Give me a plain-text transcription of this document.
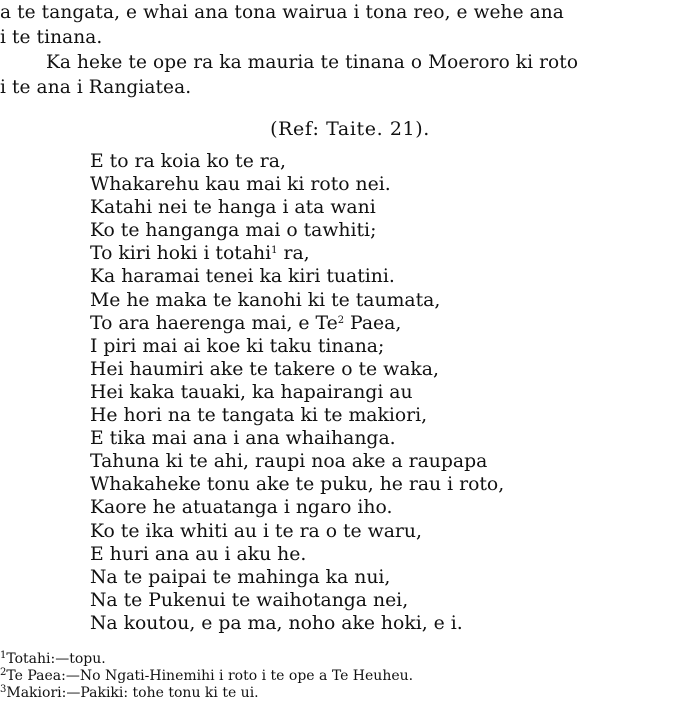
a te tangata, e whai ana tona wairua i tona reo, e wehe ana
i te tinana.
Ka heke te ope ra ka mauria te tinana o Moeroro ki roto
i te ana i Rangiatea.
(Ref: Taite. 21).
E to ra koia ko te ra,
Whakarehu kau mai ki roto nei.
Katahi nei te hanga i ata wani
Ko te hanganga mai o tawhiti;
To kiri hoki i totahi$^1$ ra,
Ka haramai tenei ka kiri tuatini.
Me he maka te kanohi ki te taumata,
To ara haerenga mai, e Te$^2$ Paea,
I piri mai ai koe ki taku tinana;
Hei haumiri ake te takere o te waka,
Hei kaka tauaki, ka hapairangi au
He hori na te tangata ki te makiori,
E tika mai ana i ana whaihanga.
Tahuna ki te ahi, raupi noa ake a raupapa
Whakaheke tonu ake te puku, he rau i roto,
Kaore he atuatanga i ngaro iho.
Ko te ika whiti au i te ra o te waru,
E huri ana au i aku he.
Na te paipai te mahinga ka nui,
Na te Pukenui te waihotanga nei,
Na koutou, e pa ma, noho ake hoki, e i.
$^1$Totahi:—topu.
$^2$Te Paea:—No Ngati-Hinemihi i roto i te ope a Te Heuheu.
$^3$Makiori:—Pakiki: tohe tonu ki te ui.
